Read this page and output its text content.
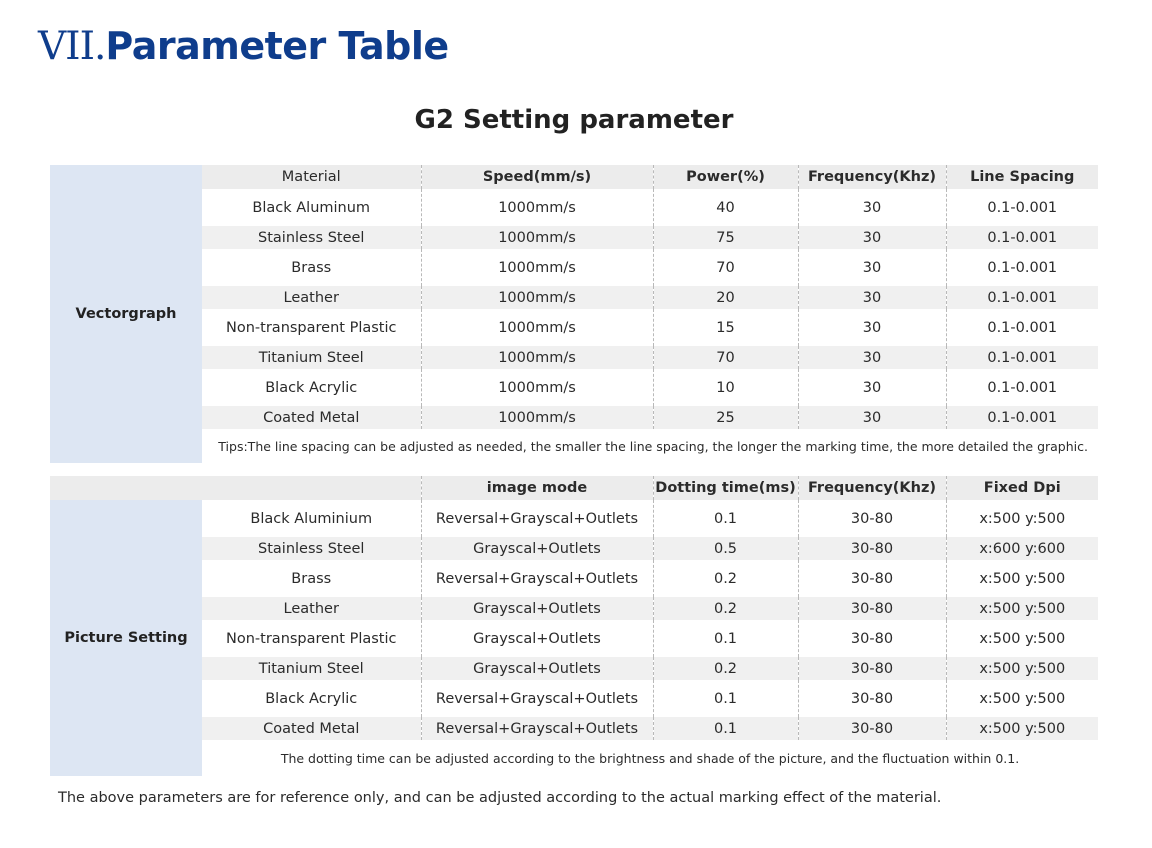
VII.Parameter Table
G2 Setting parameter
Vectorgraph	Material	Speed(mm/s)	Power(%)	Frequency(Khz)	Line Spacing
	Black Aluminum	1000mm/s	40	30	0.1-0.001
	Stainless Steel	1000mm/s	75	30	0.1-0.001
	Brass	1000mm/s	70	30	0.1-0.001
	Leather	1000mm/s	20	30	0.1-0.001
	Non-transparent Plastic	1000mm/s	15	30	0.1-0.001
	Titanium Steel	1000mm/s	70	30	0.1-0.001
	Black Acrylic	1000mm/s	10	30	0.1-0.001
	Coated Metal	1000mm/s	25	30	0.1-0.001
	Tips:The line spacing can be adjusted as needed, the smaller the line spacing, the longer the marking time, the more detailed the graphic.				
		image mode	Dotting time(ms)	Frequency(Khz)	Fixed Dpi
Picture Setting	Black Aluminium	Reversal+Grayscal+Outlets	0.1	30-80	x:500 y:500
	Stainless Steel	Grayscal+Outlets	0.5	30-80	x:600 y:600
	Brass	Reversal+Grayscal+Outlets	0.2	30-80	x:500 y:500
	Leather	Grayscal+Outlets	0.2	30-80	x:500 y:500
	Non-transparent Plastic	Grayscal+Outlets	0.1	30-80	x:500 y:500
	Titanium Steel	Grayscal+Outlets	0.2	30-80	x:500 y:500
	Black Acrylic	Reversal+Grayscal+Outlets	0.1	30-80	x:500 y:500
	Coated Metal	Reversal+Grayscal+Outlets	0.1	30-80	x:500 y:500
	The dotting time can be adjusted according to the brightness and shade of the picture, and the fluctuation within 0.1.				
The above parameters are for reference only, and can be adjusted according to the actual marking effect of the material.
